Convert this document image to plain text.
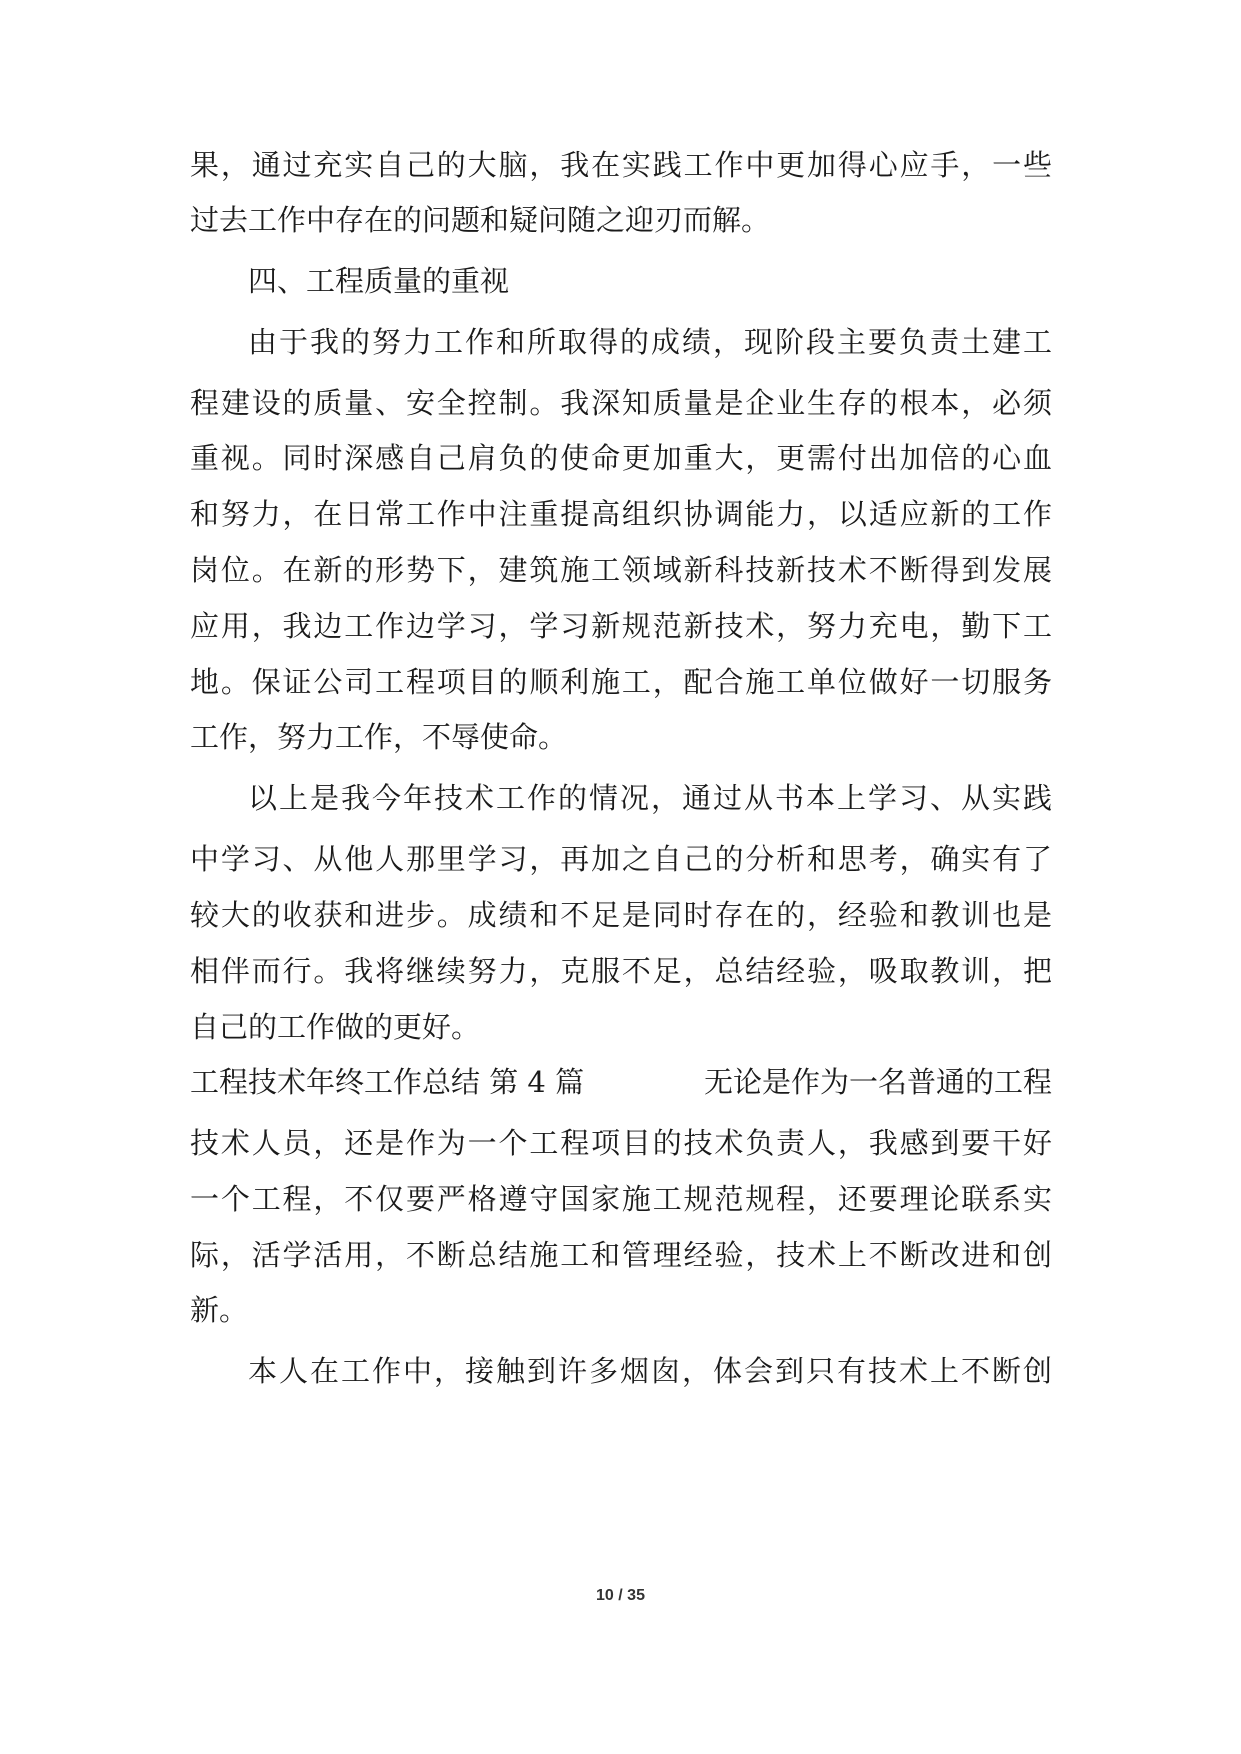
果，通过充实自己的大脑，我在实践工作中更加得心应手，一些
过去工作中存在的问题和疑问随之迎刃而解。
四、工程质量的重视
由于我的努力工作和所取得的成绩，现阶段主要负责土建工
程建设的质量、安全控制。我深知质量是企业生存的根本，必须
重视。同时深感自己肩负的使命更加重大，更需付出加倍的心血
和努力，在日常工作中注重提高组织协调能力，以适应新的工作
岗位。在新的形势下，建筑施工领域新科技新技术不断得到发展
应用，我边工作边学习，学习新规范新技术，努力充电，勤下工
地。保证公司工程项目的顺利施工，配合施工单位做好一切服务
工作，努力工作，不辱使命。
以上是我今年技术工作的情况，通过从书本上学习、从实践
中学习、从他人那里学习，再加之自己的分析和思考，确实有了
较大的收获和进步。成绩和不足是同时存在的，经验和教训也是
相伴而行。我将继续努力，克服不足，总结经验，吸取教训，把
自己的工作做的更好。
工程技术年终工作总结 第 4 篇	无论是作为一名普通的工程
技术人员，还是作为一个工程项目的技术负责人，我感到要干好
一个工程，不仅要严格遵守国家施工规范规程，还要理论联系实
际，活学活用，不断总结施工和管理经验，技术上不断改进和创
新。
本人在工作中，接触到许多烟囱，体会到只有技术上不断创
10 / 35
